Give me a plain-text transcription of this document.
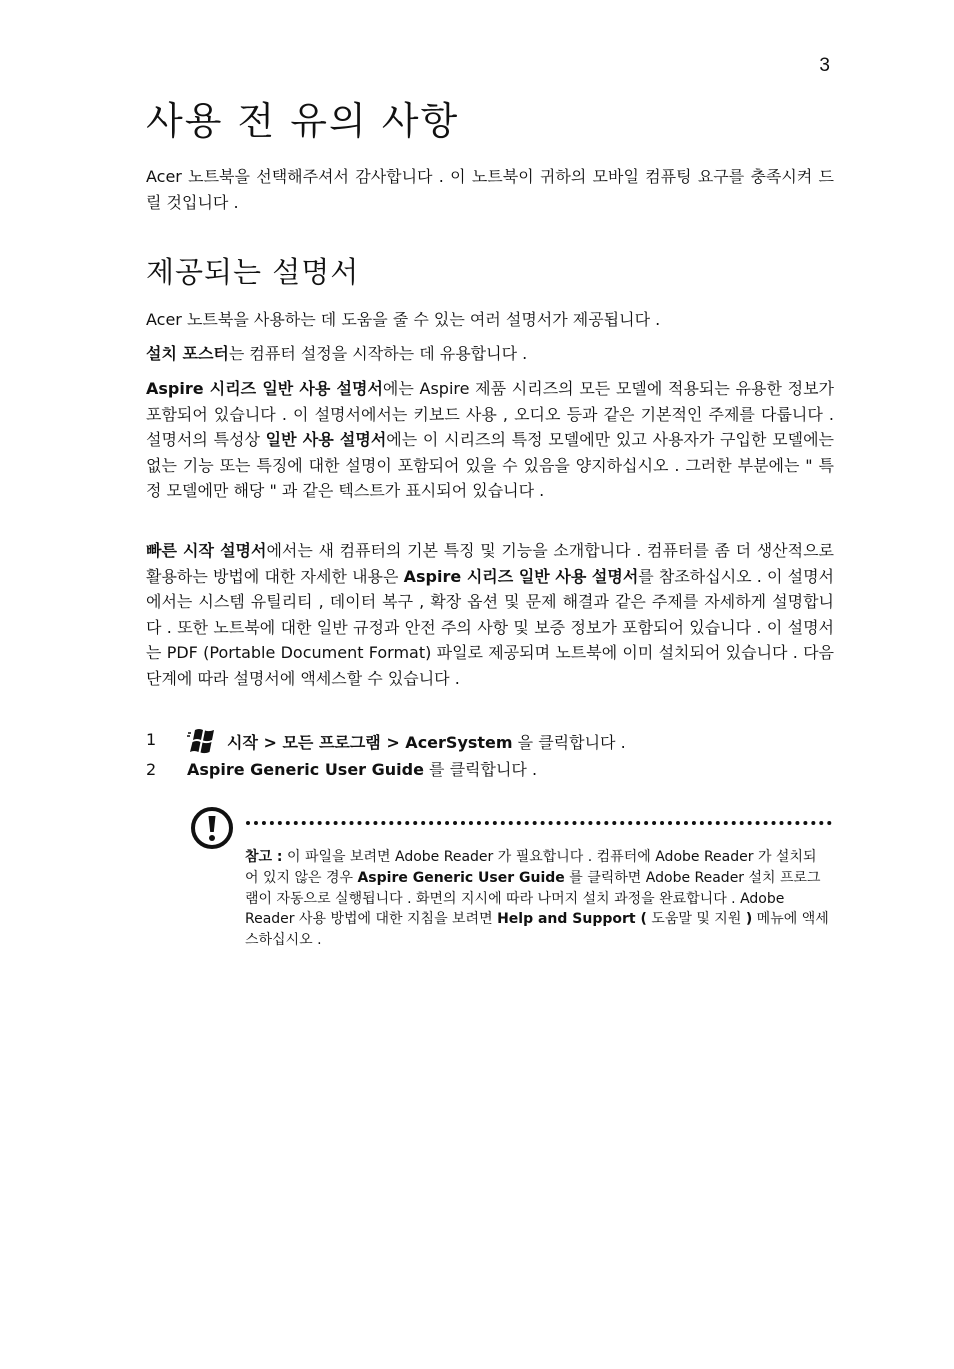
3
사용 전 유의 사항

Acer 노트북을 선택해주셔서 감사합니다 . 이 노트북이 귀하의 모바일 컴퓨팅 요구를 충족시켜 드릴 것입니다 .

제공되는 설명서

Acer 노트북을 사용하는 데 도움을 줄 수 있는 여러 설명서가 제공됩니다 .

설치 포스터는 컴퓨터 설정을 시작하는 데 유용합니다 .

Aspire 시리즈 일반 사용 설명서에는 Aspire 제품 시리즈의 모든 모델에 적용되는 유용한 정보가 포함되어 있습니다 . 이 설명서에서는 키보드 사용 , 오디오 등과 같은 기본적인 주제를 다룹니다 . 설명서의 특성상 일반 사용 설명서에는 이 시리즈의 특정 모델에만 있고 사용자가 구입한 모델에는 없는 기능 또는 특징에 대한 설명이 포함되어 있을 수 있음을 양지하십시오 . 그러한 부분에는 " 특정 모델에만 해당 " 과 같은 텍스트가 표시되어 있습니다 .

빠른 시작 설명서에서는 새 컴퓨터의 기본 특징 및 기능을 소개합니다 . 컴퓨터를 좀 더 생산적으로 활용하는 방법에 대한 자세한 내용은 Aspire 시리즈 일반 사용 설명서를 참조하십시오 . 이 설명서에서는 시스템 유틸리티 , 데이터 복구 , 확장 옵션 및 문제 해결과 같은 주제를 자세하게 설명합니다 . 또한 노트북에 대한 일반 규정과 안전 주의 사항 및 보증 정보가 포함되어 있습니다 . 이 설명서는 PDF (Portable Document Format) 파일로 제공되며 노트북에 이미 설치되어 있습니다 . 다음 단계에 따라 설명서에 액세스할 수 있습니다 .

1	시작 > 모든 프로그램 > AcerSystem 을 클릭합니다 .
2 Aspire Generic User Guide 를 클릭합니다 .

참고 : 이 파일을 보려면 Adobe Reader 가 필요합니다 . 컴퓨터에 Adobe Reader 가 설치되어 있지 않은 경우 Aspire Generic User Guide 를 클릭하면 Adobe Reader 설치 프로그램이 자동으로 실행됩니다 . 화면의 지시에 따라 나머지 설치 과정을 완료합니다 . Adobe Reader 사용 방법에 대한 지침을 보려면 Help and Support ( 도움말 및 지원 ) 메뉴에 액세스하십시오 .
